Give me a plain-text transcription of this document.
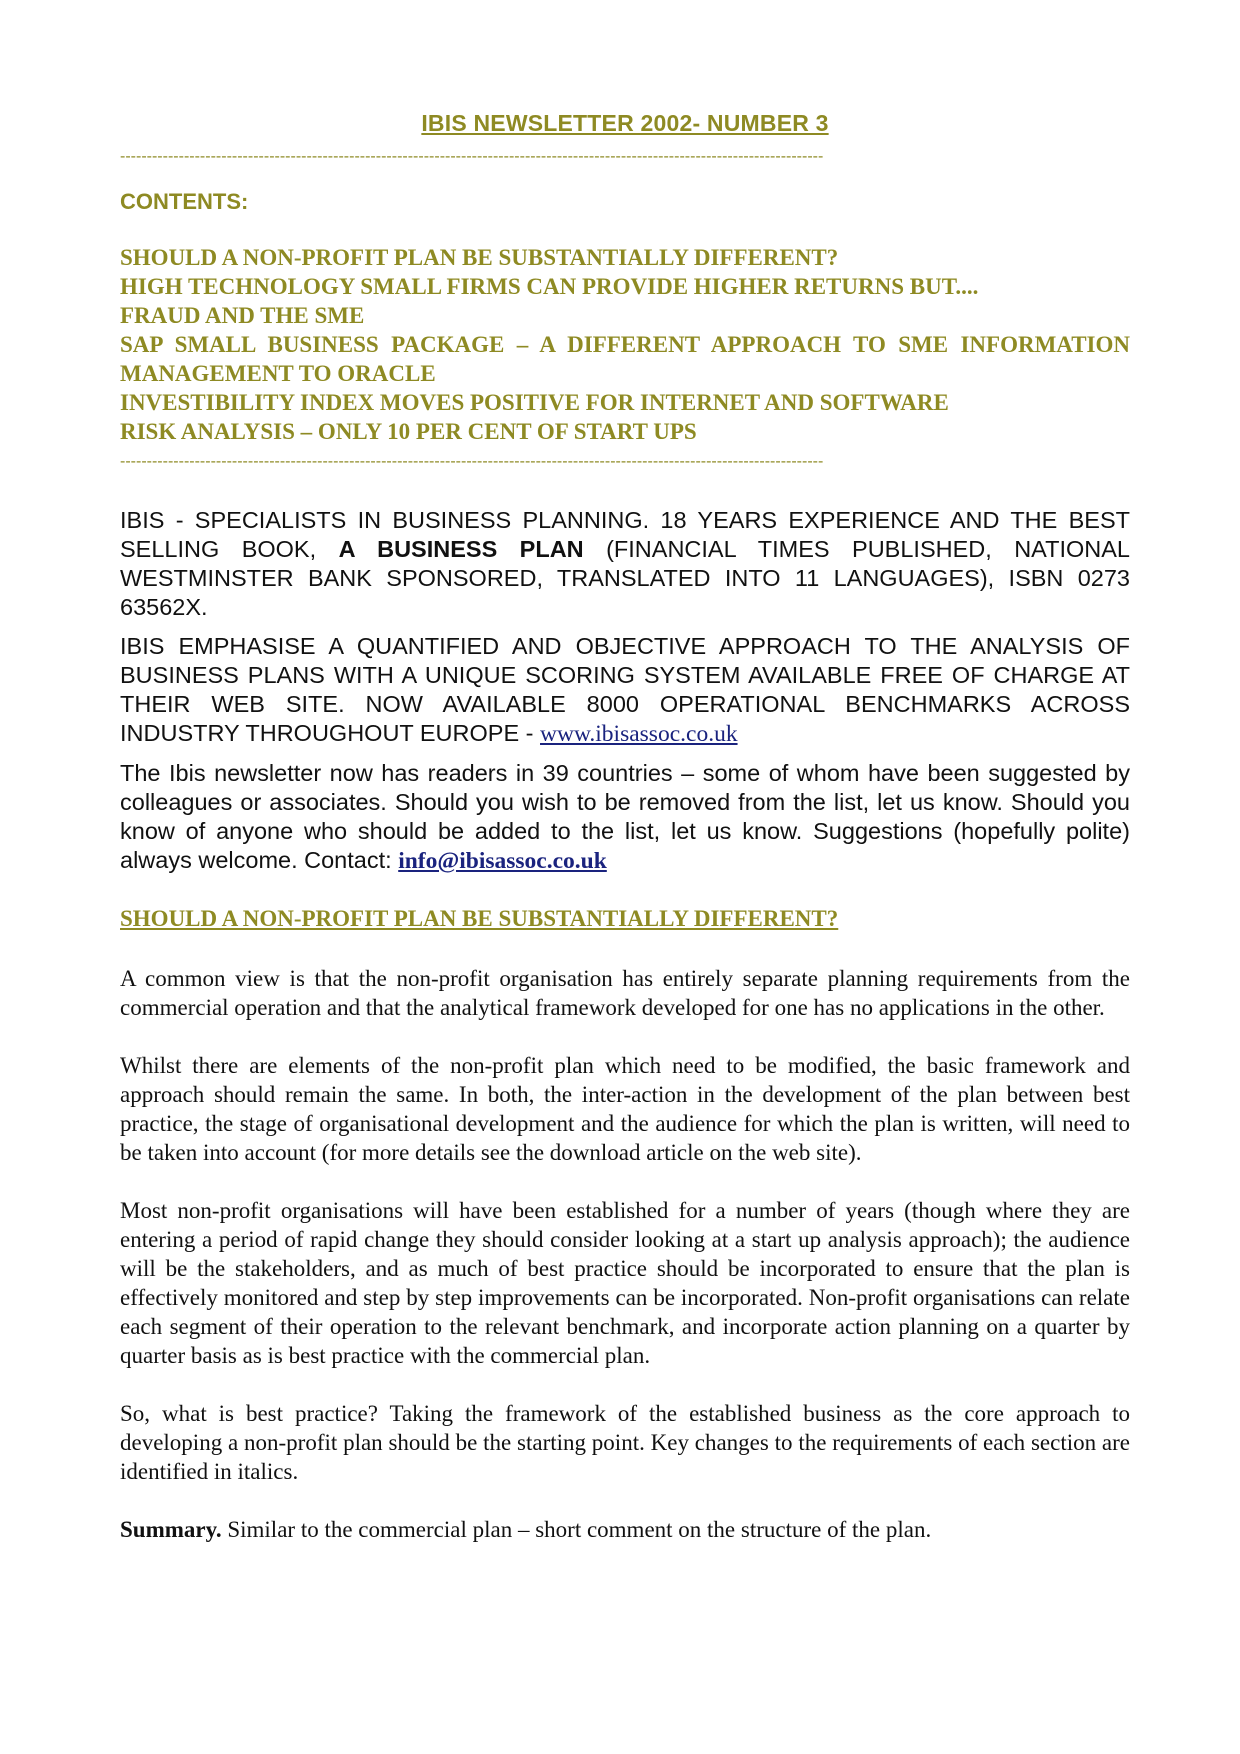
IBIS NEWSLETTER 2002- NUMBER 3
------------------------------------------------------------------------------------------------------------------------------------
CONTENTS:
SHOULD A NON-PROFIT PLAN BE SUBSTANTIALLY DIFFERENT?
HIGH TECHNOLOGY SMALL FIRMS CAN PROVIDE HIGHER RETURNS BUT....
FRAUD AND THE SME
SAP SMALL BUSINESS PACKAGE – A DIFFERENT APPROACH TO SME INFORMATION MANAGEMENT TO ORACLE
INVESTIBILITY INDEX MOVES POSITIVE FOR INTERNET AND SOFTWARE
RISK ANALYSIS – ONLY 10 PER CENT OF START UPS
------------------------------------------------------------------------------------------------------------------------------------

IBIS - SPECIALISTS IN BUSINESS PLANNING. 18 YEARS EXPERIENCE AND THE BEST SELLING BOOK, A BUSINESS PLAN (FINANCIAL TIMES PUBLISHED, NATIONAL WESTMINSTER BANK SPONSORED, TRANSLATED INTO 11 LANGUAGES), ISBN 0273 63562X.

IBIS EMPHASISE A QUANTIFIED AND OBJECTIVE APPROACH TO THE ANALYSIS OF BUSINESS PLANS WITH A UNIQUE SCORING SYSTEM AVAILABLE FREE OF CHARGE AT THEIR WEB SITE. NOW AVAILABLE 8000 OPERATIONAL BENCHMARKS ACROSS INDUSTRY THROUGHOUT EUROPE - www.ibisassoc.co.uk

The Ibis newsletter now has readers in 39 countries – some of whom have been suggested by colleagues or associates. Should you wish to be removed from the list, let us know. Should you know of anyone who should be added to the list, let us know. Suggestions (hopefully polite) always welcome. Contact: info@ibisassoc.co.uk

SHOULD A NON-PROFIT PLAN BE SUBSTANTIALLY DIFFERENT?

A common view is that the non-profit organisation has entirely separate planning requirements from the commercial operation and that the analytical framework developed for one has no applications in the other.

Whilst there are elements of the non-profit plan which need to be modified, the basic framework and approach should remain the same. In both, the inter-action in the development of the plan between best practice, the stage of organisational development and the audience for which the plan is written, will need to be taken into account (for more details see the download article on the web site).

Most non-profit organisations will have been established for a number of years (though where they are entering a period of rapid change they should consider looking at a start up analysis approach); the audience will be the stakeholders, and as much of best practice should be incorporated to ensure that the plan is effectively monitored and step by step improvements can be incorporated. Non-profit organisations can relate each segment of their operation to the relevant benchmark, and incorporate action planning on a quarter by quarter basis as is best practice with the commercial plan.

So, what is best practice? Taking the framework of the established business as the core approach to developing a non-profit plan should be the starting point. Key changes to the requirements of each section are identified in italics.

Summary. Similar to the commercial plan – short comment on the structure of the plan.
